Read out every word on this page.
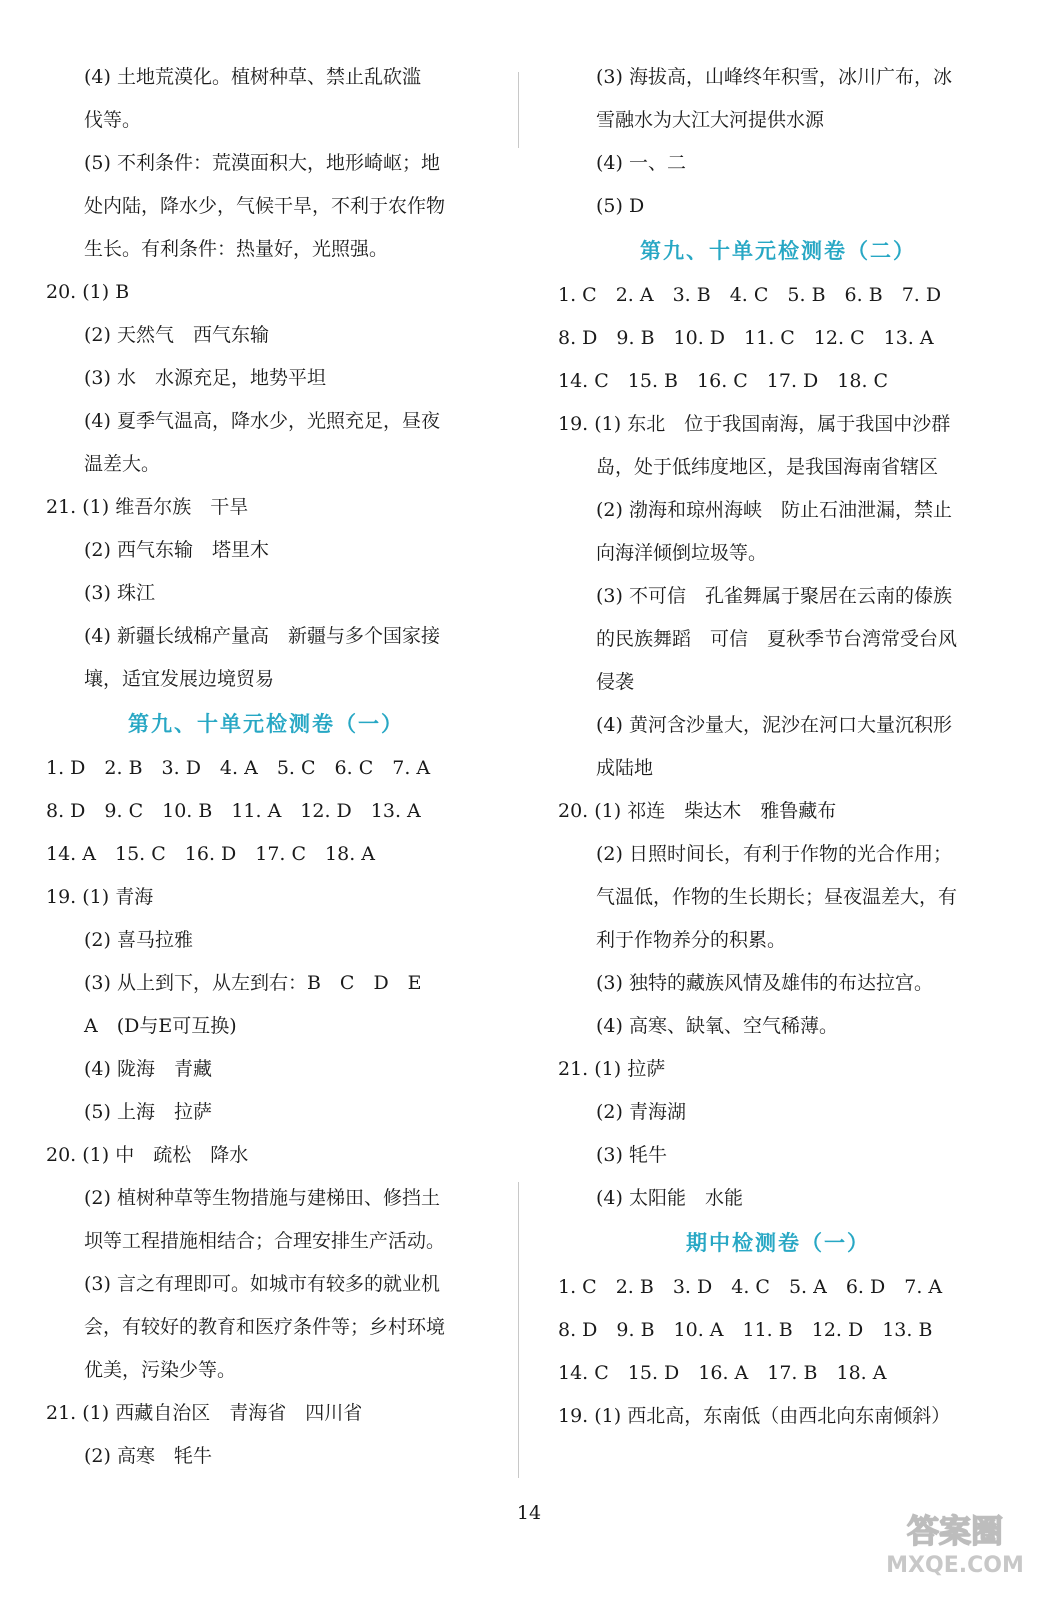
(4) 土地荒漠化。植树种草、禁止乱砍滥
伐等。
(5) 不利条件：荒漠面积大，地形崎岖；地
处内陆，降水少，气候干旱，不利于农作物
生长。有利条件：热量好，光照强。
20. (1) B
(2) 天然气　西气东输
(3) 水　水源充足，地势平坦
(4) 夏季气温高，降水少，光照充足，昼夜
温差大。
21. (1) 维吾尔族　干旱
(2) 西气东输　塔里木
(3) 珠江
(4) 新疆长绒棉产量高　新疆与多个国家接
壤，适宜发展边境贸易
第九、十单元检测卷（一）
1. D　2. B　3. D　4. A　5. C　6. C　7. A
8. D　9. C　10. B　11. A　12. D　13. A
14. A　15. C　16. D　17. C　18. A
19. (1) 青海
(2) 喜马拉雅
(3) 从上到下，从左到右：B　C　D　E
A　(D与E可互换)
(4) 陇海　青藏
(5) 上海　拉萨
20. (1) 中　疏松　降水
(2) 植树种草等生物措施与建梯田、修挡土
坝等工程措施相结合；合理安排生产活动。
(3) 言之有理即可。如城市有较多的就业机
会，有较好的教育和医疗条件等；乡村环境
优美，污染少等。
21. (1) 西藏自治区　青海省　四川省
(2) 高寒　牦牛
(3) 海拔高，山峰终年积雪，冰川广布，冰
雪融水为大江大河提供水源
(4) 一、二
(5) D
第九、十单元检测卷（二）
1. C　2. A　3. B　4. C　5. B　6. B　7. D
8. D　9. B　10. D　11. C　12. C　13. A
14. C　15. B　16. C　17. D　18. C
19. (1) 东北　位于我国南海，属于我国中沙群
岛，处于低纬度地区，是我国海南省辖区
(2) 渤海和琼州海峡　防止石油泄漏，禁止
向海洋倾倒垃圾等。
(3) 不可信　孔雀舞属于聚居在云南的傣族
的民族舞蹈　可信　夏秋季节台湾常受台风
侵袭
(4) 黄河含沙量大，泥沙在河口大量沉积形
成陆地
20. (1) 祁连　柴达木　雅鲁藏布
(2) 日照时间长，有利于作物的光合作用；
气温低，作物的生长期长；昼夜温差大，有
利于作物养分的积累。
(3) 独特的藏族风情及雄伟的布达拉宫。
(4) 高寒、缺氧、空气稀薄。
21. (1) 拉萨
(2) 青海湖
(3) 牦牛
(4) 太阳能　水能
期中检测卷（一）
1. C　2. B　3. D　4. C　5. A　6. D　7. A
8. D　9. B　10. A　11. B　12. D　13. B
14. C　15. D　16. A　17. B　18. A
19. (1) 西北高，东南低（由西北向东南倾斜）
14	答案圈
MXQE.COM
